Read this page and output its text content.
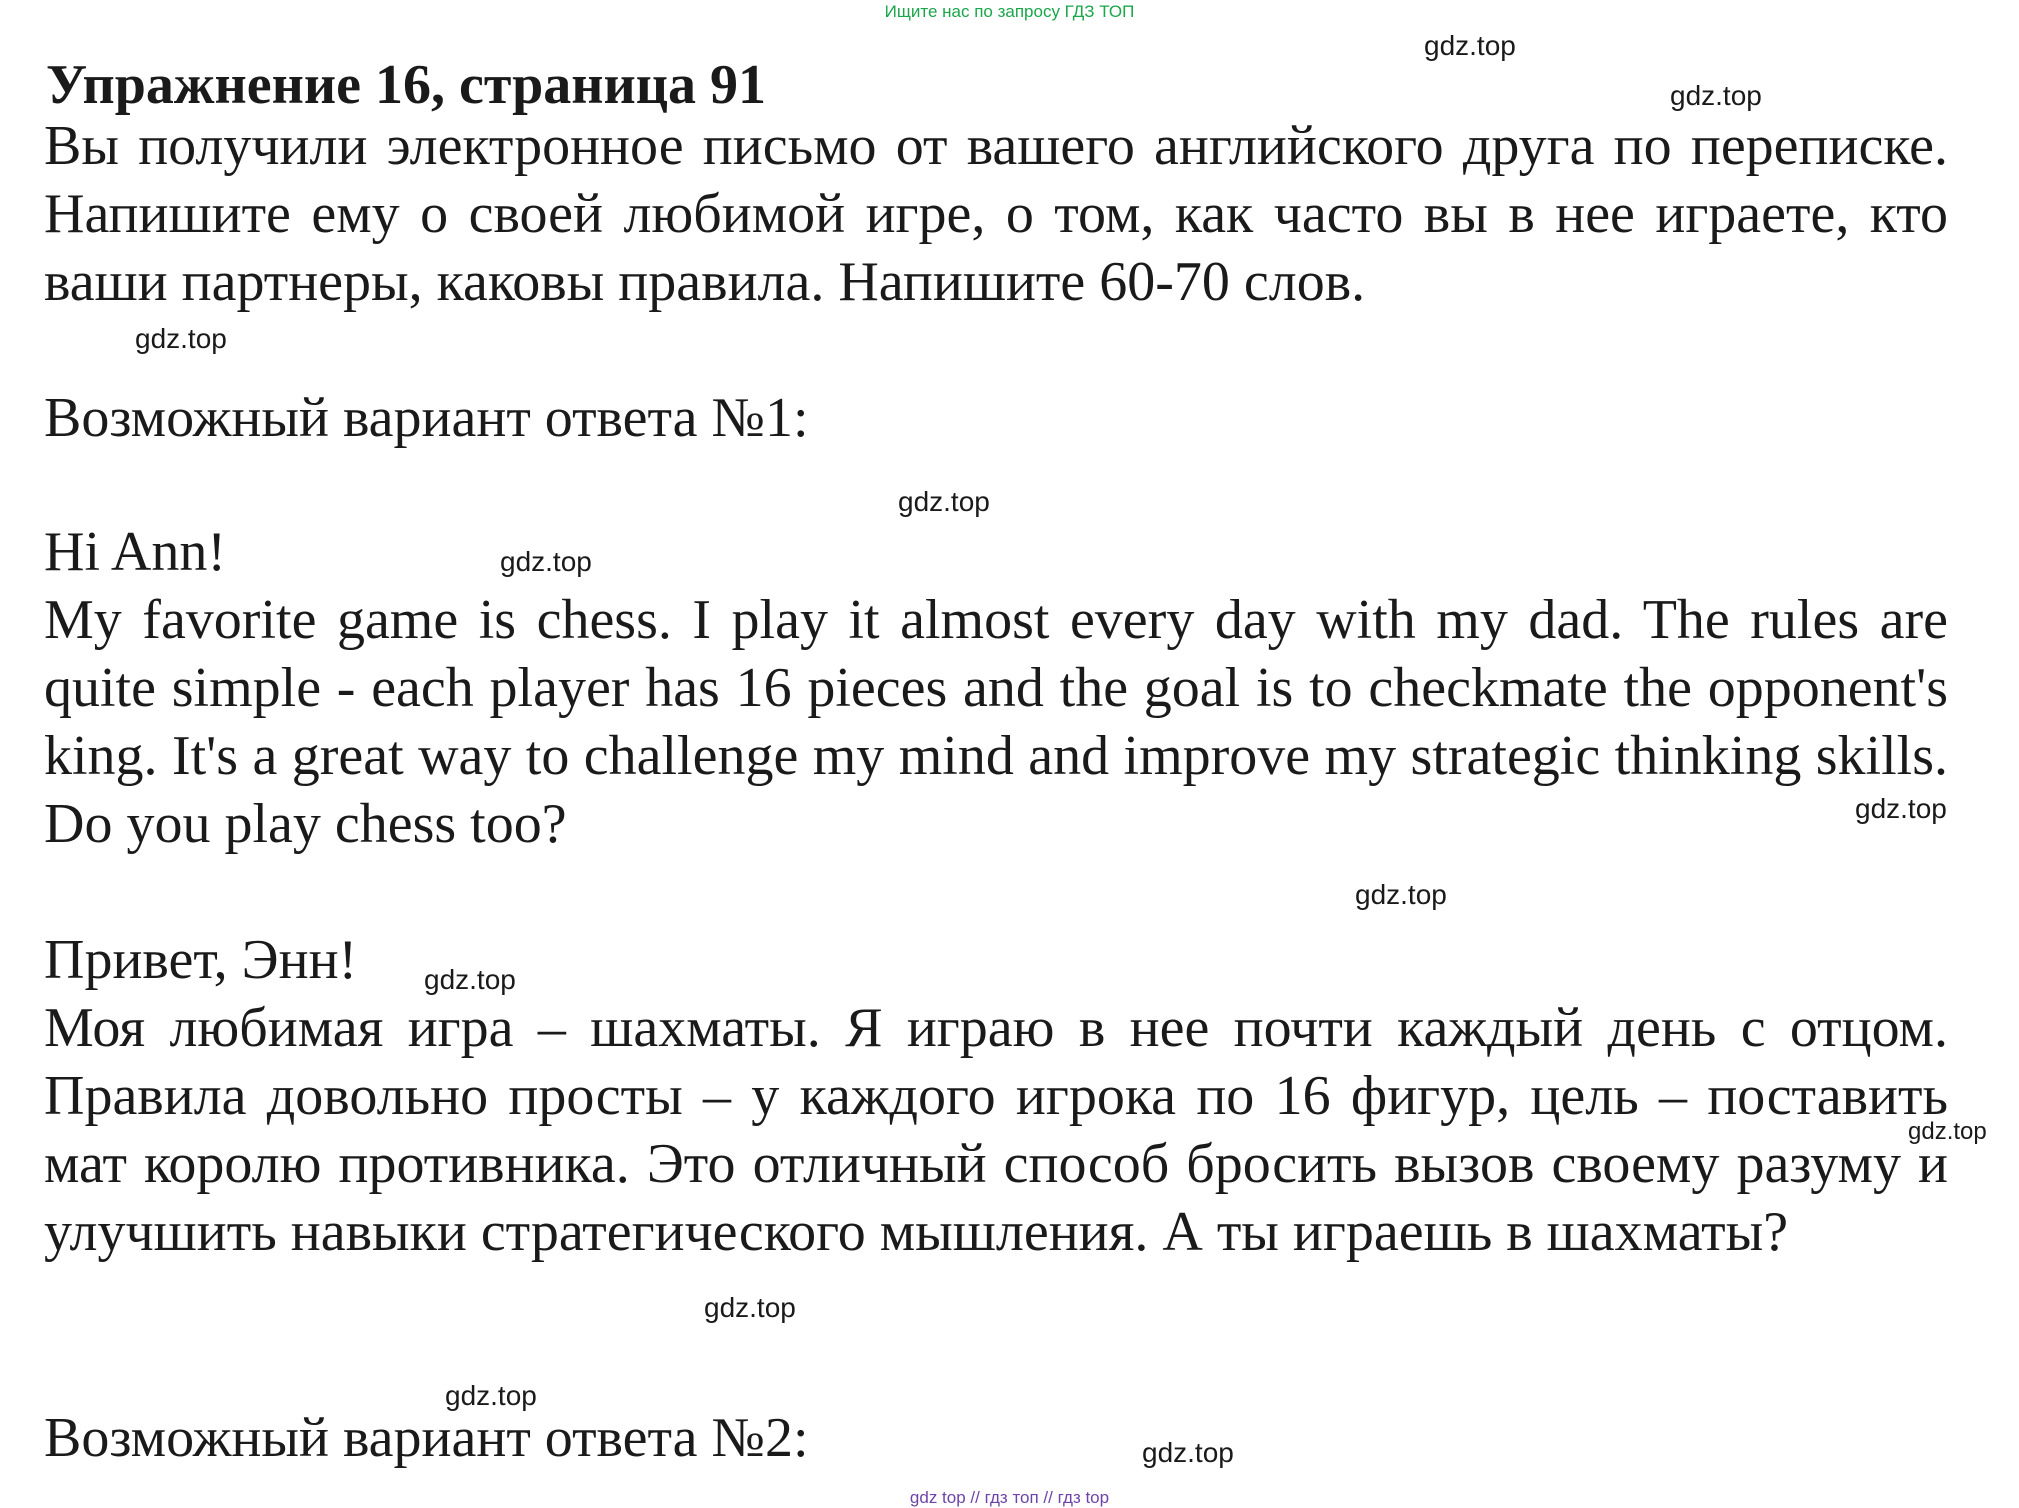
Ищите нас по запросу ГДЗ ТОП
Упражнение 16, страница 91
Вы получили электронное письмо от вашего английского друга по переписке. Напишите ему о своей любимой игре, о том, как часто вы в нее играете, кто ваши партнеры, каковы правила. Напишите 60-70 слов.
Возможный вариант ответа №1:
Hi Ann!
My favorite game is chess. I play it almost every day with my dad. The rules are quite simple - each player has 16 pieces and the goal is to checkmate the opponent's king. It's a great way to challenge my mind and improve my strategic thinking skills. Do you play chess too?
Привет, Энн!
Моя любимая игра – шахматы. Я играю в нее почти каждый день с отцом. Правила довольно просты – у каждого игрока по 16 фигур, цель – поставить мат королю противника. Это отличный способ бросить вызов своему разуму и улучшить навыки стратегического мышления. А ты играешь в шахматы?
Возможный вариант ответа №2:
gdz.top
gdz.top
gdz.top
gdz.top
gdz.top
gdz.top
gdz.top
gdz.top
gdz.top
gdz.top
gdz.top
gdz.top
gdz top // гдз топ // гдз top
